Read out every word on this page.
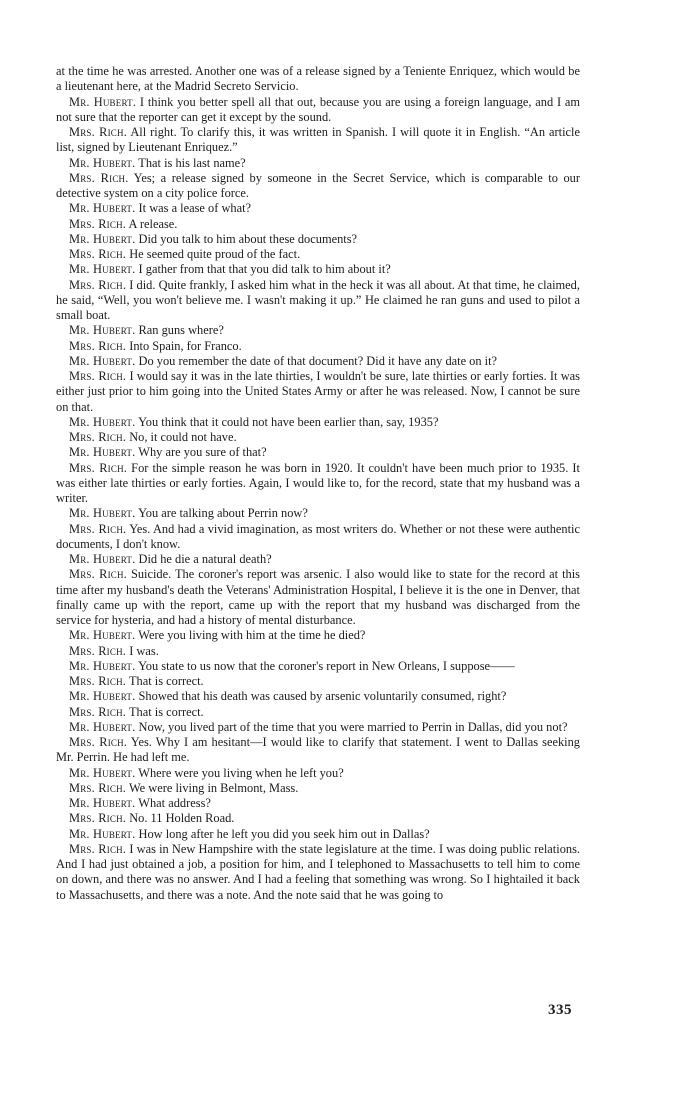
at the time he was arrested. Another one was of a release signed by a Teniente Enriquez, which would be a lieutenant here, at the Madrid Secreto Servicio.

Mr. Hubert. I think you better spell all that out, because you are using a foreign language, and I am not sure that the reporter can get it except by the sound.

Mrs. Rich. All right. To clarify this, it was written in Spanish. I will quote it in English. “An article list, signed by Lieutenant Enriquez.”

Mr. Hubert. That is his last name?

Mrs. Rich. Yes; a release signed by someone in the Secret Service, which is comparable to our detective system on a city police force.

Mr. Hubert. It was a lease of what?

Mrs. Rich. A release.

Mr. Hubert. Did you talk to him about these documents?

Mrs. Rich. He seemed quite proud of the fact.

Mr. Hubert. I gather from that that you did talk to him about it?

Mrs. Rich. I did. Quite frankly, I asked him what in the heck it was all about. At that time, he claimed, he said, “Well, you won't believe me. I wasn't making it up.” He claimed he ran guns and used to pilot a small boat.

Mr. Hubert. Ran guns where?

Mrs. Rich. Into Spain, for Franco.

Mr. Hubert. Do you remember the date of that document? Did it have any date on it?

Mrs. Rich. I would say it was in the late thirties, I wouldn't be sure, late thirties or early forties. It was either just prior to him going into the United States Army or after he was released. Now, I cannot be sure on that.

Mr. Hubert. You think that it could not have been earlier than, say, 1935?

Mrs. Rich. No, it could not have.

Mr. Hubert. Why are you sure of that?

Mrs. Rich. For the simple reason he was born in 1920. It couldn't have been much prior to 1935. It was either late thirties or early forties. Again, I would like to, for the record, state that my husband was a writer.

Mr. Hubert. You are talking about Perrin now?

Mrs. Rich. Yes. And had a vivid imagination, as most writers do. Whether or not these were authentic documents, I don't know.

Mr. Hubert. Did he die a natural death?

Mrs. Rich. Suicide. The coroner's report was arsenic. I also would like to state for the record at this time after my husband's death the Veterans' Administration Hospital, I believe it is the one in Denver, that finally came up with the report, came up with the report that my husband was discharged from the service for hysteria, and had a history of mental disturbance.

Mr. Hubert. Were you living with him at the time he died?

Mrs. Rich. I was.

Mr. Hubert. You state to us now that the coroner's report in New Orleans, I suppose——

Mrs. Rich. That is correct.

Mr. Hubert. Showed that his death was caused by arsenic voluntarily consumed, right?

Mrs. Rich. That is correct.

Mr. Hubert. Now, you lived part of the time that you were married to Perrin in Dallas, did you not?

Mrs. Rich. Yes. Why I am hesitant—I would like to clarify that statement. I went to Dallas seeking Mr. Perrin. He had left me.

Mr. Hubert. Where were you living when he left you?

Mrs. Rich. We were living in Belmont, Mass.

Mr. Hubert. What address?

Mrs. Rich. No. 11 Holden Road.

Mr. Hubert. How long after he left you did you seek him out in Dallas?

Mrs. Rich. I was in New Hampshire with the state legislature at the time. I was doing public relations. And I had just obtained a job, a position for him, and I telephoned to Massachusetts to tell him to come on down, and there was no answer. And I had a feeling that something was wrong. So I hightailed it back to Massachusetts, and there was a note. And the note said that he was going to

335
